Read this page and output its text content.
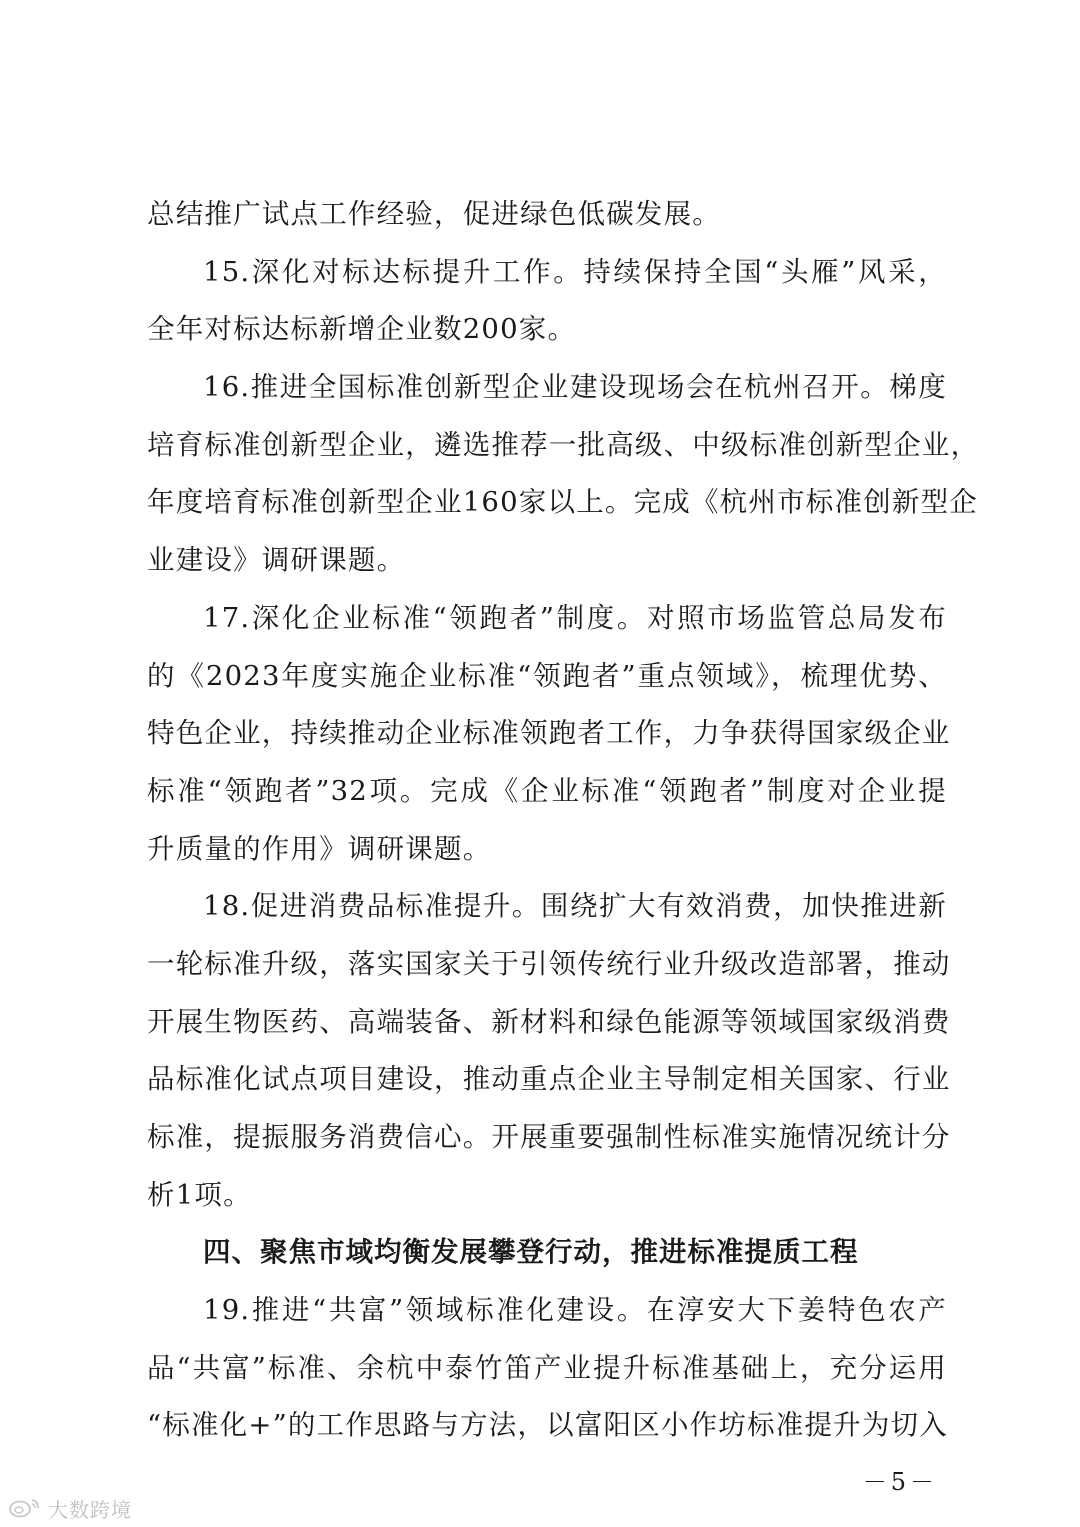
总结推广试点工作经验，促进绿色低碳发展。
15.深化对标达标提升工作。持续保持全国“头雁”风采，
全年对标达标新增企业数200家。
16.推进全国标准创新型企业建设现场会在杭州召开。梯度
培育标准创新型企业，遴选推荐一批高级、中级标准创新型企业，
年度培育标准创新型企业160家以上。完成《杭州市标准创新型企
业建设》调研课题。
17.深化企业标准“领跑者”制度。对照市场监管总局发布
的《2023年度实施企业标准“领跑者”重点领域》，梳理优势、
特色企业，持续推动企业标准领跑者工作，力争获得国家级企业
标准“领跑者”32项。完成《企业标准“领跑者”制度对企业提
升质量的作用》调研课题。
18.促进消费品标准提升。围绕扩大有效消费，加快推进新
一轮标准升级，落实国家关于引领传统行业升级改造部署，推动
开展生物医药、高端装备、新材料和绿色能源等领域国家级消费
品标准化试点项目建设，推动重点企业主导制定相关国家、行业
标准，提振服务消费信心。开展重要强制性标准实施情况统计分
析1项。
四、聚焦市域均衡发展攀登行动，推进标准提质工程
19.推进“共富”领域标准化建设。在淳安大下姜特色农产
品“共富”标准、余杭中泰竹笛产业提升标准基础上，充分运用
“标准化+”的工作思路与方法，以富阳区小作坊标准提升为切入
－5－
大数跨境
